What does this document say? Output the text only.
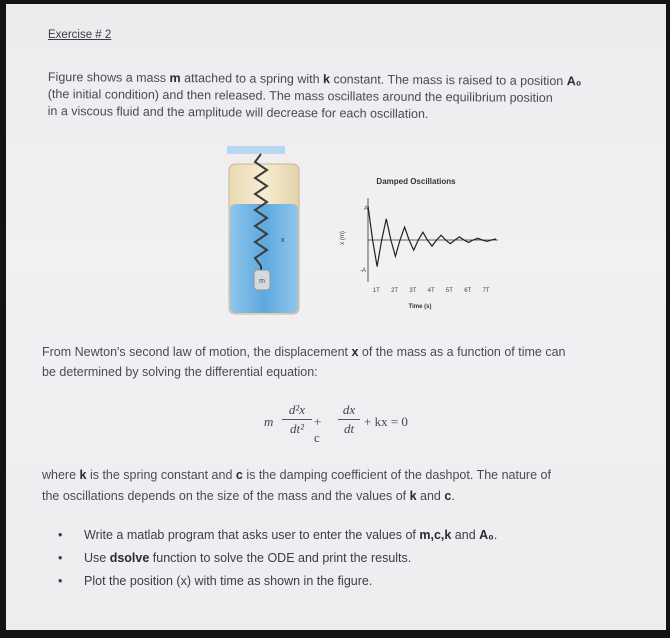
Exercise # 2
Figure shows a mass m attached to a spring with k constant. The mass is raised to a position A₀
(the initial condition) and then released. The mass oscillates around the equilibrium position
in a viscous fluid and the amplitude will decrease for each oscillation.
m
x
Damped Oscillations
x (m)
A
-A
1T 2T 3T 4T 5T 6T 7T
Time (s)
From Newton's second law of motion, the displacement x of the mass as a function of time can
be determined by solving the differential equation:
m
d²x
dt² + c
dx
dt + kx = 0
where k is the spring constant and c is the damping coefficient of the dashpot. The nature of
the oscillations depends on the size of the mass and the values of k and c.
• Write a matlab program that asks user to enter the values of m,c,k and A₀.
• Use dsolve function to solve the ODE and print the results.
• Plot the position (x) with time as shown in the figure.
